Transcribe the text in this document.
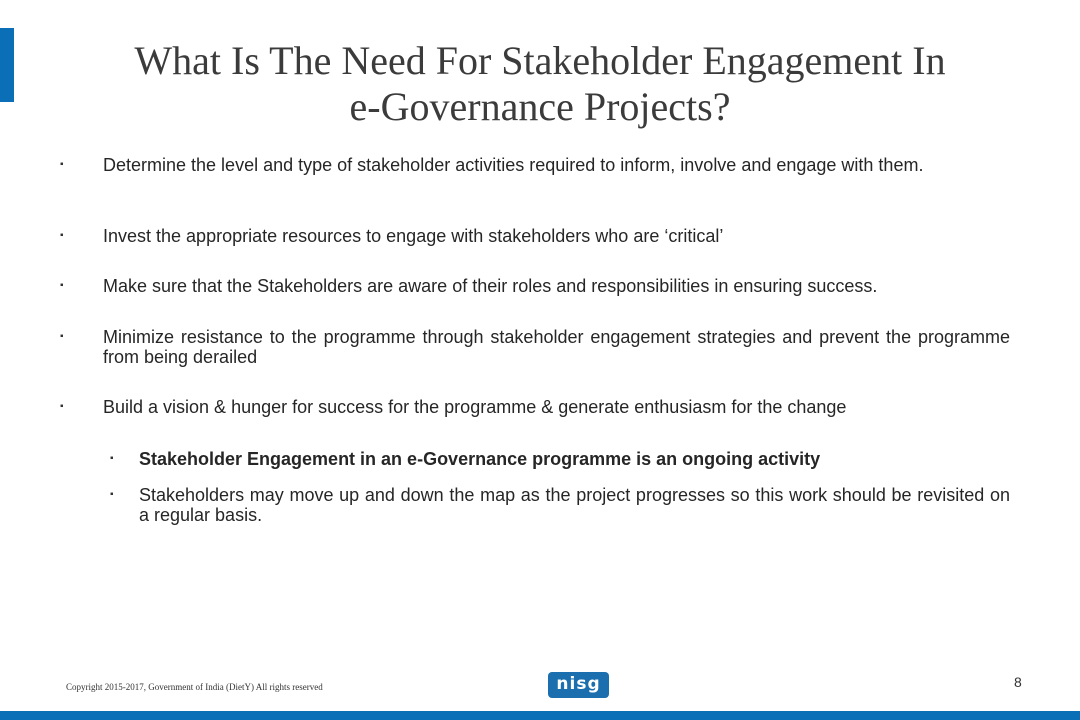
What Is The Need For Stakeholder Engagement In
e-Governance Projects?
▪ Determine the level and type of stakeholder activities required to inform, involve and engage with them.
▪ Invest the appropriate resources to engage with stakeholders who are ‘critical’
▪ Make sure that the Stakeholders are aware of their roles and responsibilities in ensuring success.
▪ Minimize resistance to the programme through stakeholder engagement strategies and prevent the programme from being derailed
▪ Build a vision & hunger for success for the programme & generate enthusiasm for the change
▪ Stakeholder Engagement in an e-Governance programme is an ongoing activity
▪ Stakeholders may move up and down the map as the project progresses so this work should be revisited on a regular basis.
Copyright 2015-2017, Government of India (DietY) All rights reserved	nisg	8
